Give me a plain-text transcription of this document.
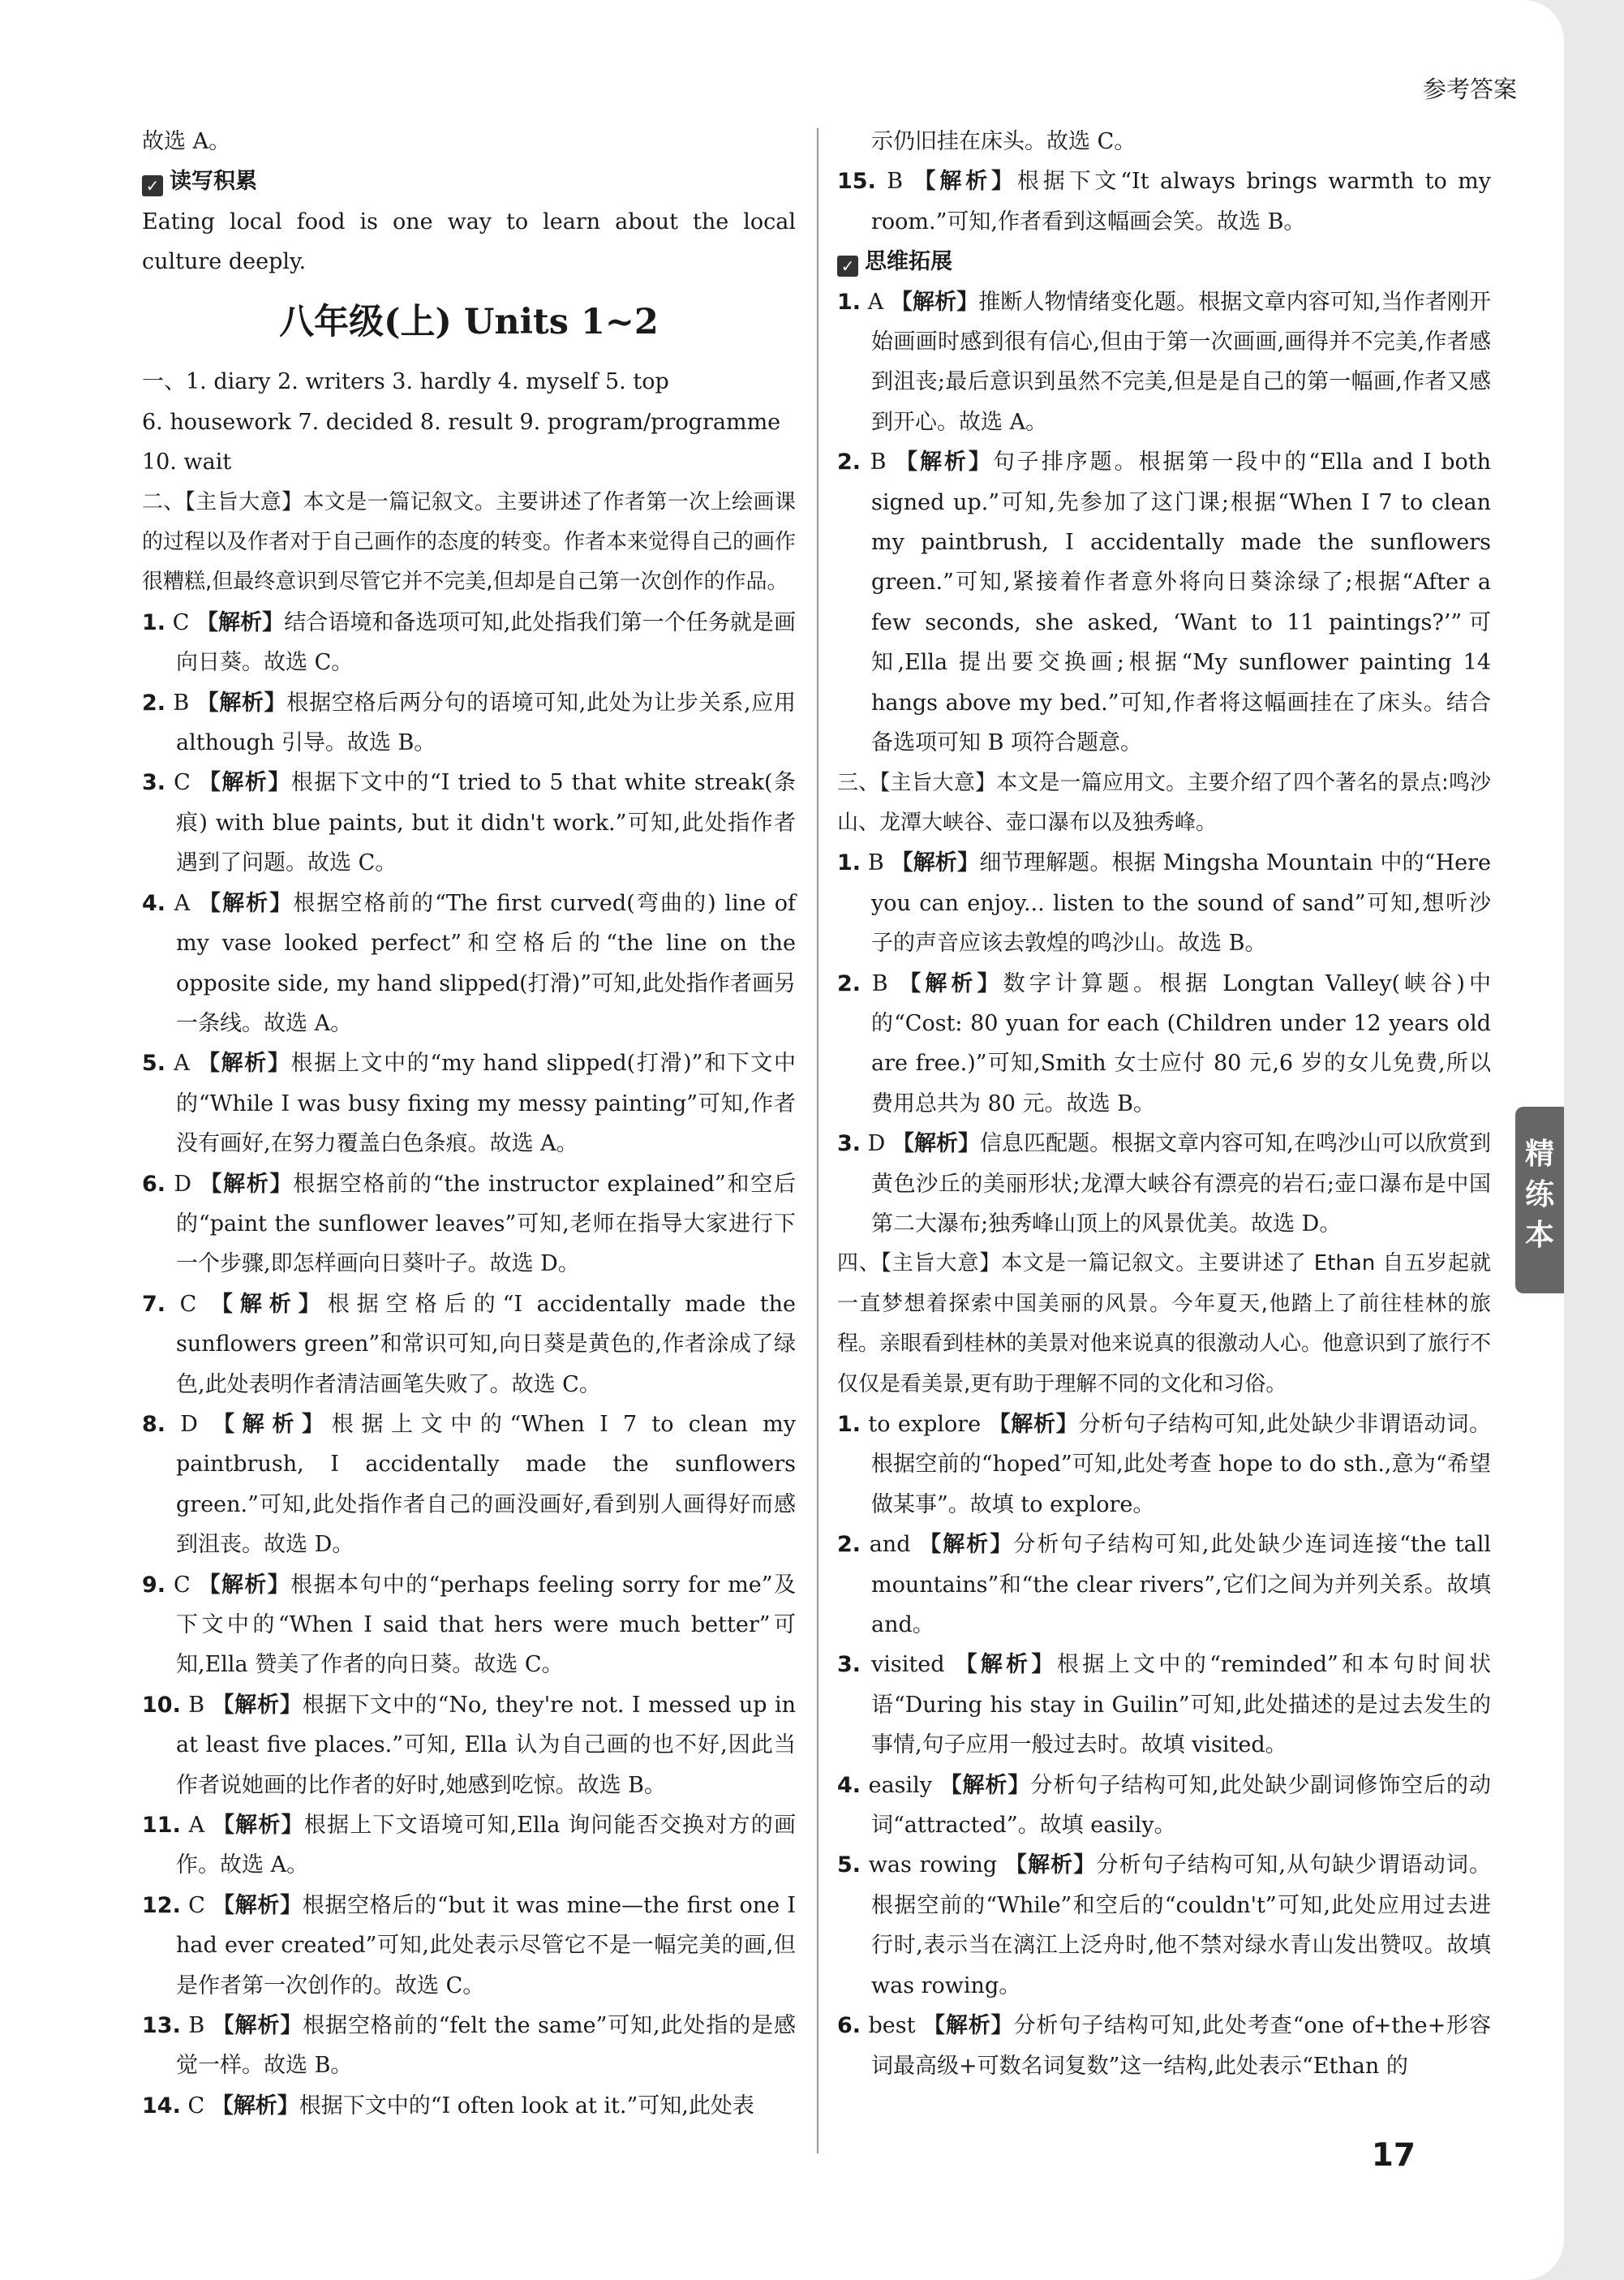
参考答案

故选 A。

✓ 读写积累

Eating local food is one way to learn about the local culture deeply.

八年级(上) Units 1~2

一、1. diary 2. writers 3. hardly 4. myself 5. top

6. housework 7. decided 8. result 9. program/programme

10. wait

二、【主旨大意】本文是一篇记叙文。主要讲述了作者第一次上绘画课的过程以及作者对于自己画作的态度的转变。作者本来觉得自己的画作很糟糕,但最终意识到尽管它并不完美,但却是自己第一次创作的作品。

1. C 【解析】结合语境和备选项可知,此处指我们第一个任务就是画向日葵。故选 C。

2. B 【解析】根据空格后两分句的语境可知,此处为让步关系,应用 although 引导。故选 B。

3. C 【解析】根据下文中的“I tried to 5 that white streak(条痕) with blue paints, but it didn't work.”可知,此处指作者遇到了问题。故选 C。

4. A 【解析】根据空格前的“The first curved(弯曲的) line of my vase looked perfect”和空格后的“the line on the opposite side, my hand slipped(打滑)”可知,此处指作者画另一条线。故选 A。

5. A 【解析】根据上文中的“my hand slipped(打滑)”和下文中的“While I was busy fixing my messy painting”可知,作者没有画好,在努力覆盖白色条痕。故选 A。

6. D 【解析】根据空格前的“the instructor explained”和空后的“paint the sunflower leaves”可知,老师在指导大家进行下一个步骤,即怎样画向日葵叶子。故选 D。

7. C 【解析】根据空格后的“I accidentally made the sunflowers green”和常识可知,向日葵是黄色的,作者涂成了绿色,此处表明作者清洁画笔失败了。故选 C。

8. D 【解析】根据上文中的“When I 7 to clean my paintbrush, I accidentally made the sunflowers green.”可知,此处指作者自己的画没画好,看到别人画得好而感到沮丧。故选 D。

9. C 【解析】根据本句中的“perhaps feeling sorry for me”及下文中的“When I said that hers were much better”可知,Ella 赞美了作者的向日葵。故选 C。

10. B 【解析】根据下文中的“No, they're not. I messed up in at least five places.”可知, Ella 认为自己画的也不好,因此当作者说她画的比作者的好时,她感到吃惊。故选 B。

11. A 【解析】根据上下文语境可知,Ella 询问能否交换对方的画作。故选 A。

12. C 【解析】根据空格后的“but it was mine—the first one I had ever created”可知,此处表示尽管它不是一幅完美的画,但是作者第一次创作的。故选 C。

13. B 【解析】根据空格前的“felt the same”可知,此处指的是感觉一样。故选 B。

14. C 【解析】根据下文中的“I often look at it.”可知,此处表

示仍旧挂在床头。故选 C。

15. B 【解析】根据下文“It always brings warmth to my room.”可知,作者看到这幅画会笑。故选 B。

✓ 思维拓展

1. A 【解析】推断人物情绪变化题。根据文章内容可知,当作者刚开始画画时感到很有信心,但由于第一次画画,画得并不完美,作者感到沮丧;最后意识到虽然不完美,但是是自己的第一幅画,作者又感到开心。故选 A。

2. B 【解析】句子排序题。根据第一段中的“Ella and I both signed up.”可知,先参加了这门课;根据“When I 7 to clean my paintbrush, I accidentally made the sunflowers green.”可知,紧接着作者意外将向日葵涂绿了;根据“After a few seconds, she asked, ‘Want to 11 paintings?’”可知,Ella 提出要交换画;根据“My sunflower painting 14 hangs above my bed.”可知,作者将这幅画挂在了床头。结合备选项可知 B 项符合题意。

三、【主旨大意】本文是一篇应用文。主要介绍了四个著名的景点:鸣沙山、龙潭大峡谷、壶口瀑布以及独秀峰。

1. B 【解析】细节理解题。根据 Mingsha Mountain 中的“Here you can enjoy... listen to the sound of sand”可知,想听沙子的声音应该去敦煌的鸣沙山。故选 B。

2. B 【解析】数字计算题。根据 Longtan Valley(峡谷)中的“Cost: 80 yuan for each (Children under 12 years old are free.)”可知,Smith 女士应付 80 元,6 岁的女儿免费,所以费用总共为 80 元。故选 B。

3. D 【解析】信息匹配题。根据文章内容可知,在鸣沙山可以欣赏到黄色沙丘的美丽形状;龙潭大峡谷有漂亮的岩石;壶口瀑布是中国第二大瀑布;独秀峰山顶上的风景优美。故选 D。

四、【主旨大意】本文是一篇记叙文。主要讲述了 Ethan 自五岁起就一直梦想着探索中国美丽的风景。今年夏天,他踏上了前往桂林的旅程。亲眼看到桂林的美景对他来说真的很激动人心。他意识到了旅行不仅仅是看美景,更有助于理解不同的文化和习俗。

1. to explore 【解析】分析句子结构可知,此处缺少非谓语动词。根据空前的“hoped”可知,此处考查 hope to do sth.,意为“希望做某事”。故填 to explore。

2. and 【解析】分析句子结构可知,此处缺少连词连接“the tall mountains”和“the clear rivers”,它们之间为并列关系。故填 and。

3. visited 【解析】根据上文中的“reminded”和本句时间状语“During his stay in Guilin”可知,此处描述的是过去发生的事情,句子应用一般过去时。故填 visited。

4. easily 【解析】分析句子结构可知,此处缺少副词修饰空后的动词“attracted”。故填 easily。

5. was rowing 【解析】分析句子结构可知,从句缺少谓语动词。根据空前的“While”和空后的“couldn't”可知,此处应用过去进行时,表示当在漓江上泛舟时,他不禁对绿水青山发出赞叹。故填 was rowing。

6. best 【解析】分析句子结构可知,此处考查“one of+the+形容词最高级+可数名词复数”这一结构,此处表示“Ethan 的

17
精练本
